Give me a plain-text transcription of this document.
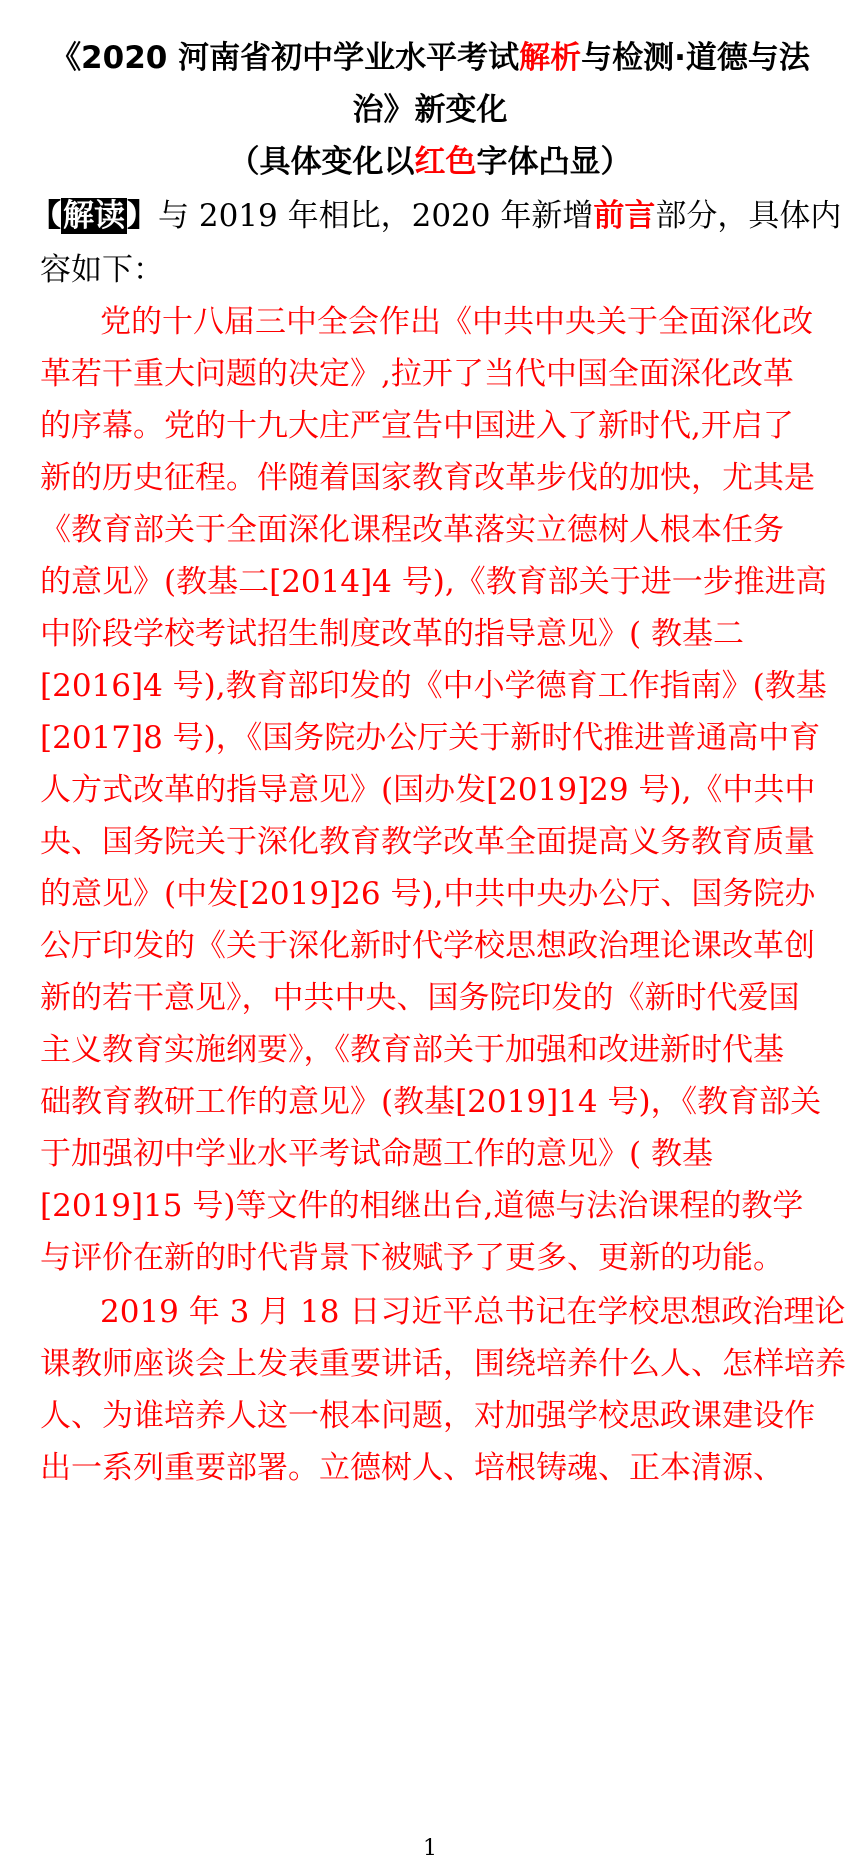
《2020 河南省初中学业水平考试解析与检测·道德与法
治》新变化
（具体变化以红色字体凸显）
【解读】与 2019 年相比，2020 年新增前言部分，具体内
容如下：
党的十八届三中全会作出《中共中央关于全面深化改
革若干重大问题的决定》,拉开了当代中国全面深化改革
的序幕。党的十九大庄严宣告中国进入了新时代,开启了
新的历史征程。伴随着国家教育改革步伐的加快，尤其是
《教育部关于全面深化课程改革落实立德树人根本任务
的意见》(教基二[2014]4 号),《教育部关于进一步推进高
中阶段学校考试招生制度改革的指导意见》( 教基二
[2016]4 号),教育部印发的《中小学德育工作指南》(教基
[2017]8 号)，《国务院办公厅关于新时代推进普通高中育
人方式改革的指导意见》(国办发[2019]29 号),《中共中
央、国务院关于深化教育教学改革全面提高义务教育质量
的意见》(中发[2019]26 号),中共中央办公厅、国务院办
公厅印发的《关于深化新时代学校思想政治理论课改革创
新的若干意见》，中共中央、国务院印发的《新时代爱国
主义教育实施纲要》，《教育部关于加强和改进新时代基
础教育教研工作的意见》(教基[2019]14 号)，《教育部关
于加强初中学业水平考试命题工作的意见》( 教基
[2019]15 号)等文件的相继出台,道德与法治课程的教学
与评价在新的时代背景下被赋予了更多、更新的功能。
2019 年 3 月 18 日习近平总书记在学校思想政治理论
课教师座谈会上发表重要讲话，围绕培养什么人、怎样培养
人、为谁培养人这一根本问题，对加强学校思政课建设作
出一系列重要部署。立德树人、培根铸魂、正本清源、
1
